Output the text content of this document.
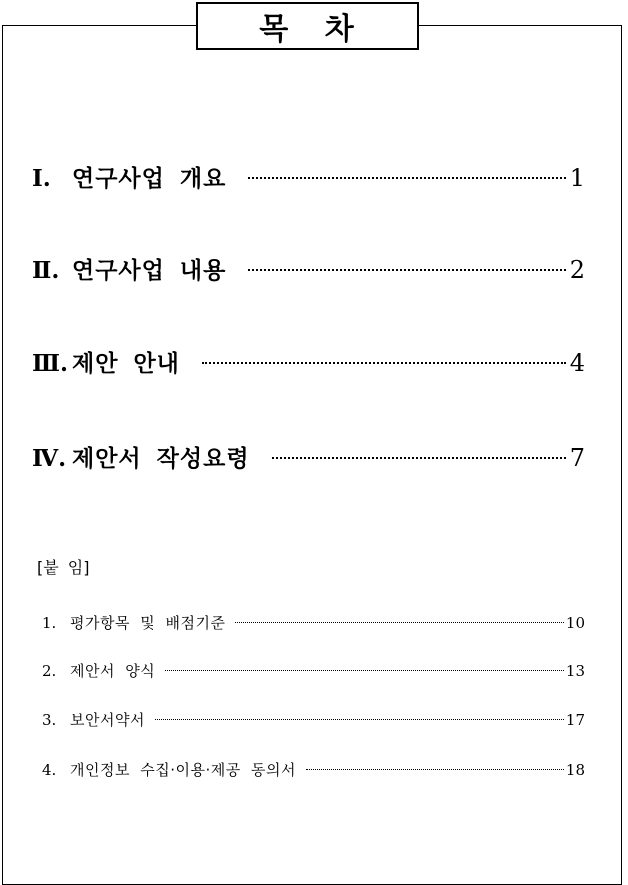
목 차
Ⅰ. 연구사업 개요	1
Ⅱ. 연구사업 내용	2
Ⅲ. 제안 안내	4
Ⅳ. 제안서 작성요령	7
[붙 임]
1. 평가항목 및 배점기준	10
2. 제안서 양식	13
3. 보안서약서	17
4. 개인정보 수집·이용·제공 동의서	18
